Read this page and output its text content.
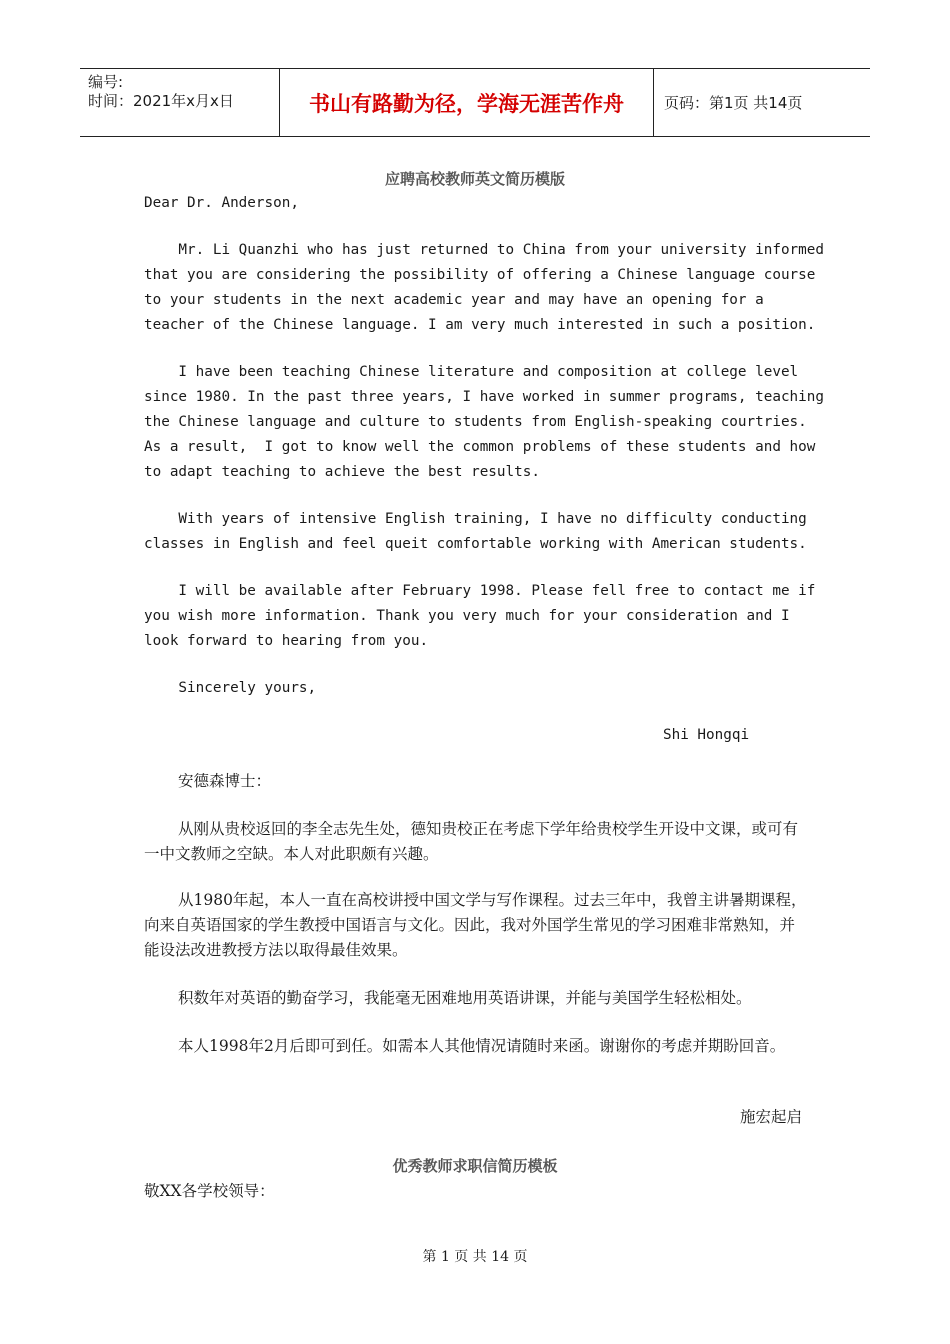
编号:
时间：2021年x月x日	书山有路勤为径，学海无涯苦作舟	页码：第1页 共14页
应聘高校教师英文简历模版
Dear Dr. Anderson,
Mr. Li Quanzhi who has just returned to China from your university informed
that you are considering the possibility of offering a Chinese language course
to your students in the next academic year and may have an opening for a
teacher of the Chinese language. I am very much interested in such a position.
I have been teaching Chinese literature and composition at college level
since 1980. In the past three years, I have worked in summer programs, teaching
the Chinese language and culture to students from English-speaking courtries.
As a result,  I got to know well the common problems of these students and how
to adapt teaching to achieve the best results.
With years of intensive English training, I have no difficulty conducting
classes in English and feel queit comfortable working with American students.
I will be available after February 1998. Please fell free to contact me if
you wish more information. Thank you very much for your consideration and I
look forward to hearing from you.
Sincerely yours,
Shi Hongqi
安德森博士：
从刚从贵校返回的李全志先生处，德知贵校正在考虑下学年给贵校学生开设中文课，或可有一中文教师之空缺。本人对此职颇有兴趣。
从1980年起，本人一直在高校讲授中国文学与写作课程。过去三年中，我曾主讲暑期课程，向来自英语国家的学生教授中国语言与文化。因此，我对外国学生常见的学习困难非常熟知，并能设法改进教授方法以取得最佳效果。
积数年对英语的勤奋学习，我能毫无困难地用英语讲课，并能与美国学生轻松相处。
本人1998年2月后即可到任。如需本人其他情况请随时来函。谢谢你的考虑并期盼回音。
施宏起启
优秀教师求职信简历模板
敬XX各学校领导：
第 1 页 共 14 页
